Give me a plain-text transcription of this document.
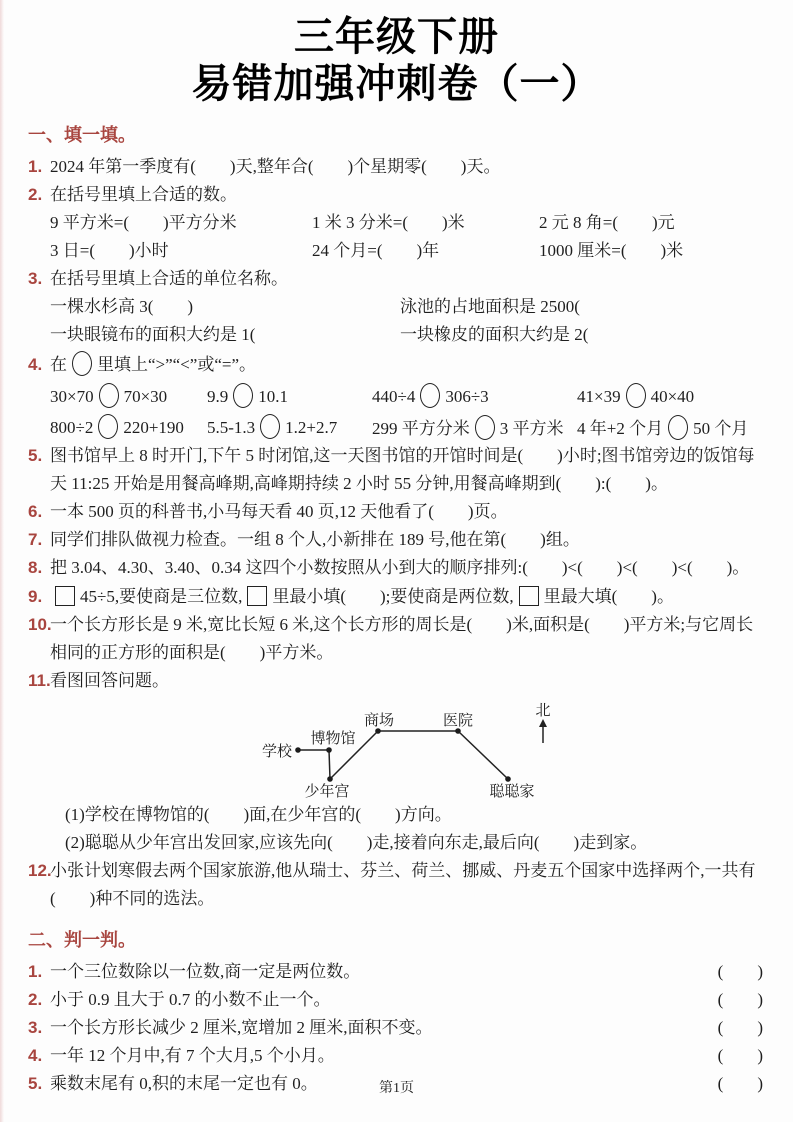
三年级下册
易错加强冲刺卷（一）
一、填一填。
1. 2024 年第一季度有(　　)天,整年合(　　)个星期零(　　)天。
2. 在括号里填上合适的数。
9 平方米=(　　)平方分米	1 米 3 分米=(　　)米	2 元 8 角=(　　)元
3 日=(　　)小时	24 个月=(　　)年	1000 厘米=(　　)米
3. 在括号里填上合适的单位名称。
一棵水杉高 3(　　)	泳池的占地面积是 2500(
一块眼镜布的面积大约是 1(	一块橡皮的面积大约是 2(
4. 在 里填上“>”“<”或“=”。
30×70 70×30	9.9 10.1	440÷4 306÷3	41×39 40×40
800÷2 220+190	5.5-1.3 1.2+2.7	299 平方分米 3 平方米 4 年+2 个月 50 个月
5. 图书馆早上 8 时开门,下午 5 时闭馆,这一天图书馆的开馆时间是(　　)小时;图书馆旁边的饭馆每天 11:25 开始是用餐高峰期,高峰期持续 2 小时 55 分钟,用餐高峰期到(　　):(　　)。
6. 一本 500 页的科普书,小马每天看 40 页,12 天他看了(　　)页。
7. 同学们排队做视力检查。一组 8 个人,小新排在 189 号,他在第(　　)组。
8. 把 3.04、4.30、3.40、0.34 这四个小数按照从小到大的顺序排列:(　　)<(　　)<(　　)<(　　)。
9. 45÷5,要使商是三位数, 里最小填(　　);要使商是两位数, 里最大填(　　)。
10.
一个长方形长是 9 米,宽比长短 6 米,这个长方形的周长是(　　)米,面积是(　　)平方米;与它周长相同的正方形的面积是(　　)平方米。
11. 看图回答问题。
学校
博物馆
少年宫
商场	医院
聪聪家
北
(1)学校在博物馆的(　　)面,在少年宫的(　　)方向。
(2)聪聪从少年宫出发回家,应该先向(　　)走,接着向东走,最后向(　　)走到家。
12.
小张计划寒假去两个国家旅游,他从瑞士、芬兰、荷兰、挪威、丹麦五个国家中选择两个,一共有(　　)种不同的选法。
二、判一判。
1. 一个三位数除以一位数,商一定是两位数。	(　　)
2. 小于 0.9 且大于 0.7 的小数不止一个。	(　　)
3. 一个长方形长减少 2 厘米,宽增加 2 厘米,面积不变。	(　　)
4. 一年 12 个月中,有 7 个大月,5 个小月。	(　　)
5. 乘数末尾有 0,积的末尾一定也有 0。	(　　)
第1页
